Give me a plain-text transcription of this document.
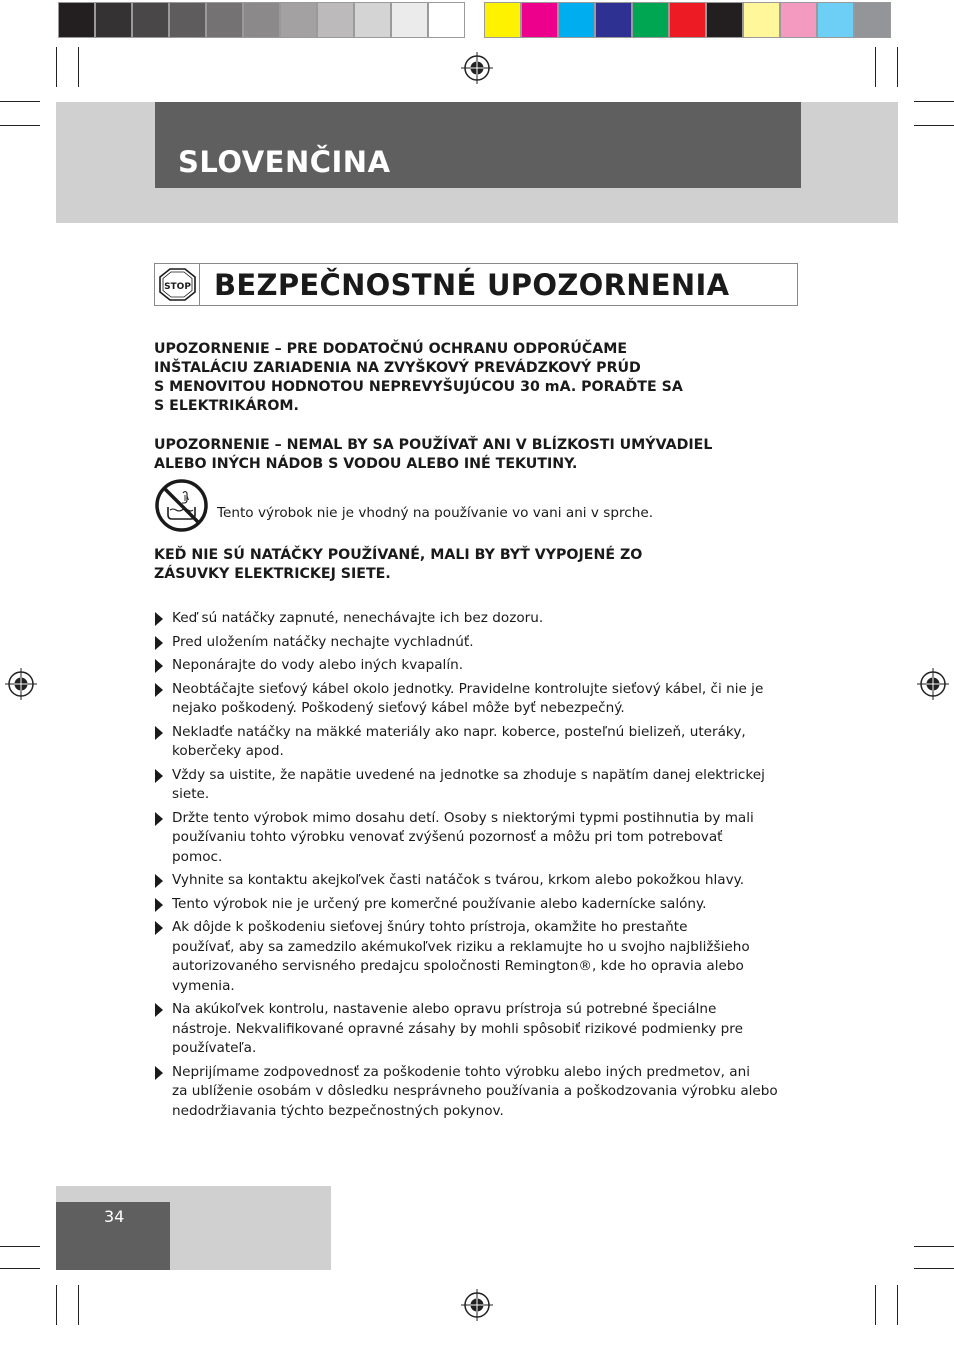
SLOVENČINA
STOP BEZPEČNOSTNÉ UPOZORNENIA

UPOZORNENIE – PRE DODATOČNÚ OCHRANU ODPORÚČAME
INŠTALÁCIU ZARIADENIA NA ZVYŠKOVÝ PREVÁDZKOVÝ PRÚD
S MENOVITOU HODNOTOU NEPREVYŠUJÚCOU 30 mA. PORAĎTE SA
S ELEKTRIKÁROM.

UPOZORNENIE – NEMAL BY SA POUŽÍVAŤ ANI V BLÍZKOSTI UMÝVADIEL
ALEBO INÝCH NÁDOB S VODOU ALEBO INÉ TEKUTINY.

Tento výrobok nie je vhodný na používanie vo vani ani v sprche.

KEĎ NIE SÚ NATÁČKY POUŽÍVANÉ, MALI BY BYŤ VYPOJENÉ ZO
ZÁSUVKY ELEKTRICKEJ SIETE.

Keď sú natáčky zapnuté, nenechávajte ich bez dozoru.
Pred uložením natáčky nechajte vychladnúť.
Neponárajte do vody alebo iných kvapalín.
Neobtáčajte sieťový kábel okolo jednotky. Pravidelne kontrolujte sieťový kábel, či nie je
nejako poškodený. Poškodený sieťový kábel môže byť nebezpečný.
Nekladťe natáčky na mäkké materiály ako napr. koberce, posteľnú bielizeň, uteráky,
koberčeky apod.
Vždy sa uistite, že napätie uvedené na jednotke sa zhoduje s napätím danej elektrickej
siete.
Držte tento výrobok mimo dosahu detí. Osoby s niektorými typmi postihnutia by mali
používaniu tohto výrobku venovať zvýšenú pozornosť a môžu pri tom potrebovať
pomoc.
Vyhnite sa kontaktu akejkoľvek časti natáčok s tvárou, krkom alebo pokožkou hlavy.
Tento výrobok nie je určený pre komerčné používanie alebo kadernícke salóny.
Ak dôjde k poškodeniu sieťovej šnúry tohto prístroja, okamžite ho prestaňte
používať, aby sa zamedzilo akémukoľvek riziku a reklamujte ho u svojho najbližšieho
autorizovaného servisného predajcu spoločnosti Remington®, kde ho opravia alebo
vymenia.
Na akúkoľvek kontrolu, nastavenie alebo opravu prístroja sú potrebné špeciálne
nástroje. Nekvalifikované opravné zásahy by mohli spôsobiť rizikové podmienky pre
používateľa.
Neprijímame zodpovednosť za poškodenie tohto výrobku alebo iných predmetov, ani
za ublíženie osobám v dôsledku nesprávneho používania a poškodzovania výrobku alebo
nedodržiavania týchto bezpečnostných pokynov.

34
